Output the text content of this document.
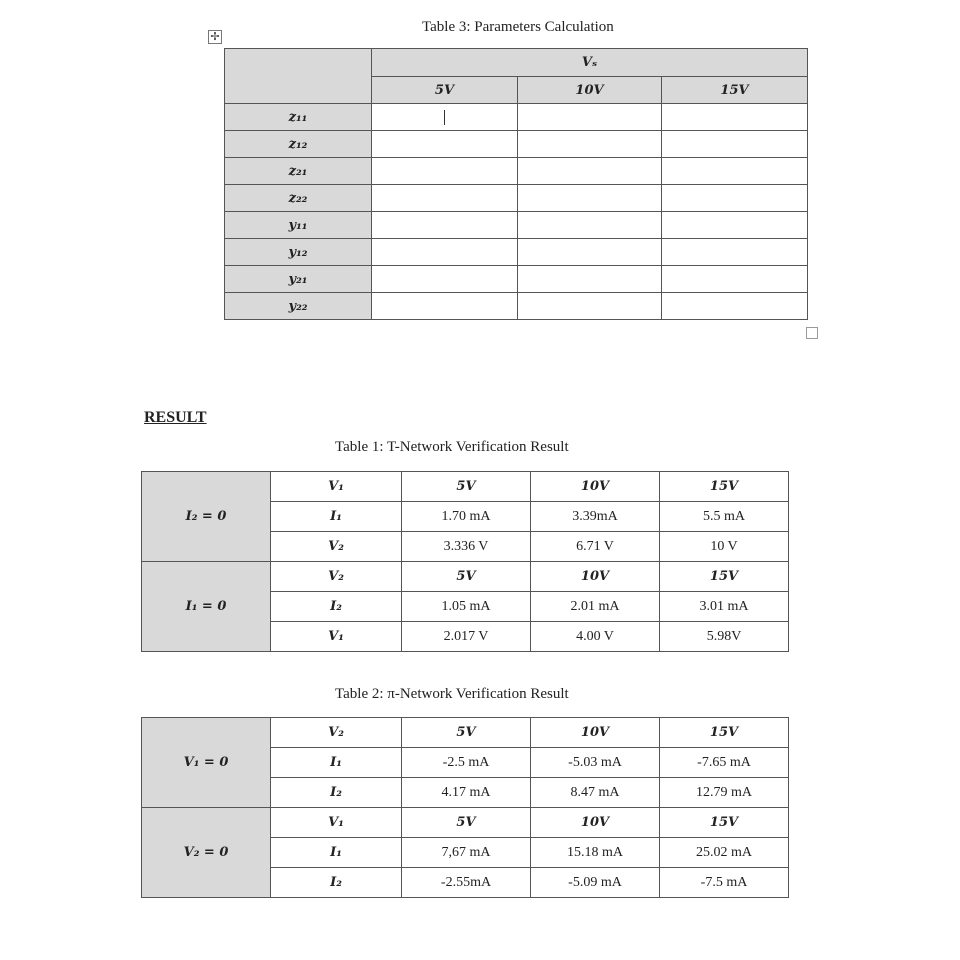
✢
Table 3: Parameters Calculation
	Vₛ		
	5V	10V	15V
z₁₁			
z₁₂			
z₂₁			
z₂₂			
y₁₁			
y₁₂			
y₂₁			
y₂₂			
RESULT
Table 1: T-Network Verification Result
I₂ = 0	V₁	5V	10V	15V
	I₁	1.70 mA	3.39mA	5.5 mA
	V₂	3.336 V	6.71 V	10 V
I₁ = 0	V₂	5V	10V	15V
	I₂	1.05 mA	2.01 mA	3.01 mA
	V₁	2.017 V	4.00 V	5.98V
Table 2: π-Network Verification Result
V₁ = 0	V₂	5V	10V	15V
	I₁	-2.5 mA	-5.03 mA	-7.65 mA
	I₂	4.17 mA	8.47 mA	12.79 mA
V₂ = 0	V₁	5V	10V	15V
	I₁	7,67 mA	15.18 mA	25.02 mA
	I₂	-2.55mA	-5.09 mA	-7.5 mA
